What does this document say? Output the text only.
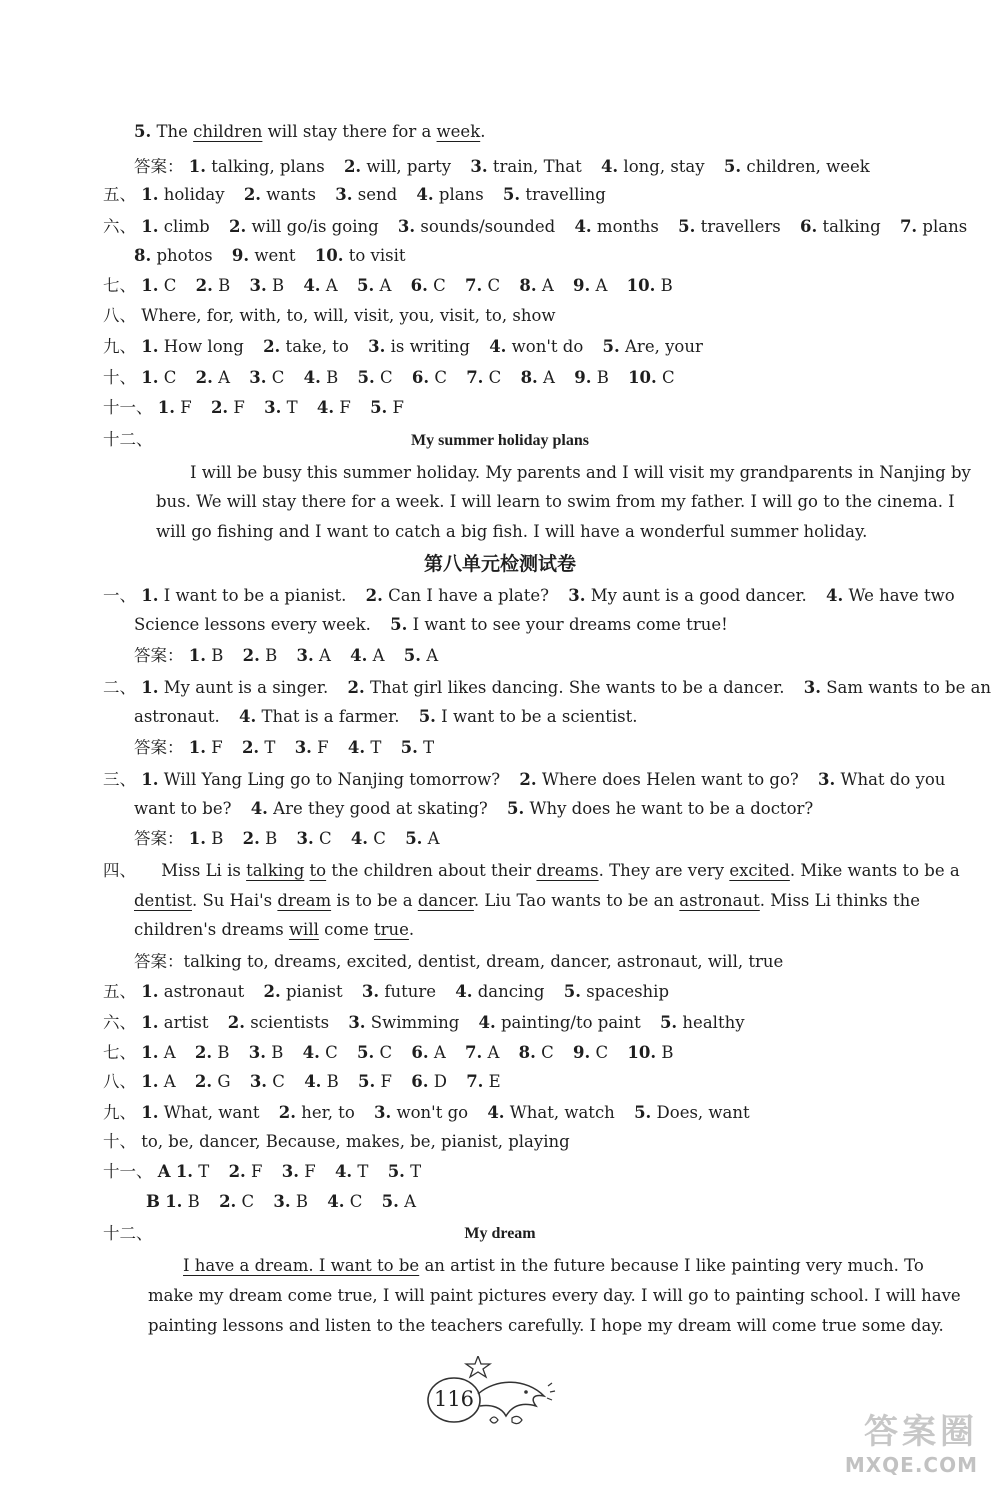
5. The children will stay there for a week.
答案： 1. talking, plans 2. will, party 3. train, That 4. long, stay 5. children, week
五、 1. holiday 2. wants 3. send 4. plans 5. travelling
六、 1. climb 2. will go/is going 3. sounds/sounded 4. months 5. travellers 6. talking 7. plans
8. photos 9. went 10. to visit
七、 1. C 2. B 3. B 4. A 5. A 6. C 7. C 8. A 9. A 10. B
八、 Where, for, with, to, will, visit, you, visit, to, show
九、 1. How long 2. take, to 3. is writing 4. won't do 5. Are, your
十、 1. C 2. A 3. C 4. B 5. C 6. C 7. C 8. A 9. B 10. C
十一、 1. F 2. F 3. T 4. F 5. F
十二、	My summer holiday plans
I will be busy this summer holiday. My parents and I will visit my grandparents in Nanjing by
bus. We will stay there for a week. I will learn to swim from my father. I will go to the cinema. I
will go fishing and I want to catch a big fish. I will have a wonderful summer holiday.
第八单元检测试卷
一、 1. I want to be a pianist. 2. Can I have a plate? 3. My aunt is a good dancer. 4. We have two
Science lessons every week. 5. I want to see your dreams come true!
答案： 1. B 2. B 3. A 4. A 5. A
二、 1. My aunt is a singer. 2. That girl likes dancing. She wants to be a dancer. 3. Sam wants to be an
astronaut. 4. That is a farmer. 5. I want to be a scientist.
答案： 1. F 2. T 3. F 4. T 5. T
三、 1. Will Yang Ling go to Nanjing tomorrow? 2. Where does Helen want to go? 3. What do you
want to be? 4. Are they good at skating? 5. Why does he want to be a doctor?
答案： 1. B 2. B 3. C 4. C 5. A
四、 Miss Li is talking to the children about their dreams. They are very excited. Mike wants to be a
dentist. Su Hai's dream is to be a dancer. Liu Tao wants to be an astronaut. Miss Li thinks the
children's dreams will come true.
答案：talking to, dreams, excited, dentist, dream, dancer, astronaut, will, true
五、 1. astronaut 2. pianist 3. future 4. dancing 5. spaceship
六、 1. artist 2. scientists 3. Swimming 4. painting/to paint 5. healthy
七、 1. A 2. B 3. B 4. C 5. C 6. A 7. A 8. C 9. C 10. B
八、 1. A 2. G 3. C 4. B 5. F 6. D 7. E
九、 1. What, want 2. her, to 3. won't go 4. What, watch 5. Does, want
十、 to, be, dancer, Because, makes, be, pianist, playing
十一、 A 1. T 2. F 3. F 4. T 5. T
B 1. B 2. C 3. B 4. C 5. A
十二、	My dream
I have a dream. I want to be an artist in the future because I like painting very much. To
make my dream come true, I will paint pictures every day. I will go to painting school. I will have
painting lessons and listen to the teachers carefully. I hope my dream will come true some day.
116
答案圈
MXQE.COM
